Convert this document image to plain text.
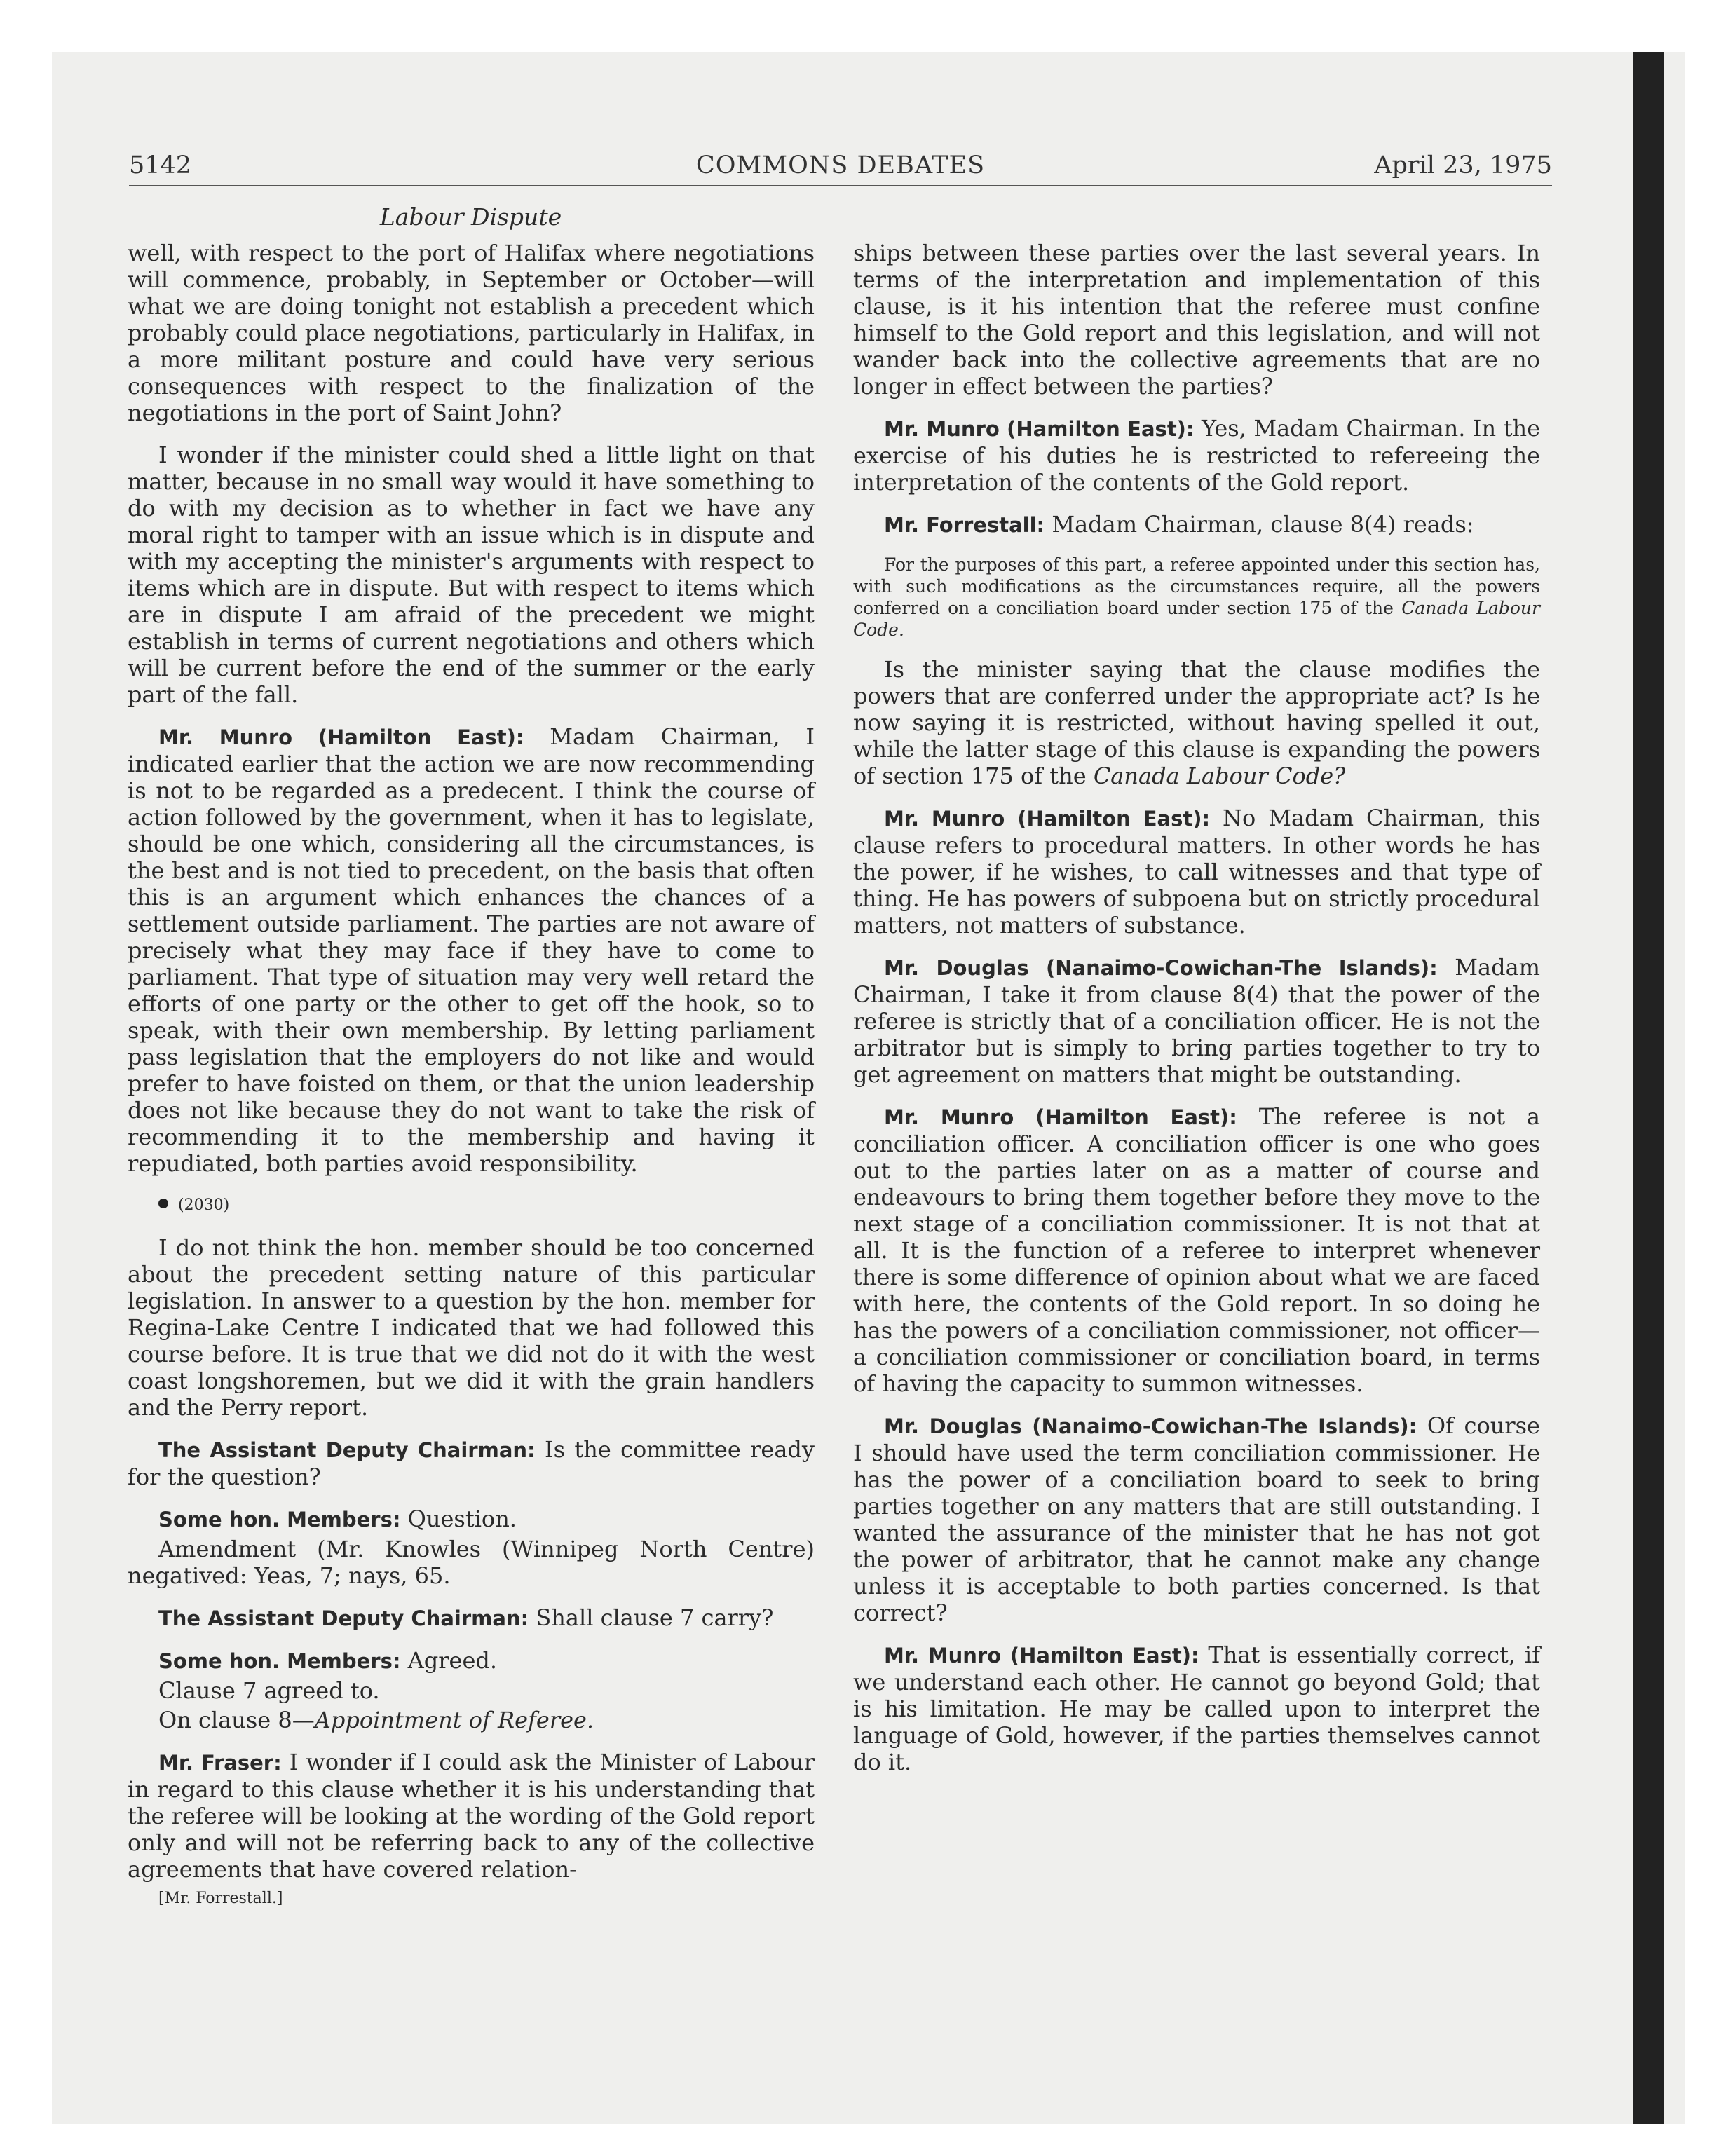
5142	COMMONS DEBATES	April 23, 1975
Labour Dispute

well, with respect to the port of Halifax where negotiations will commence, probably, in September or October—will what we are doing tonight not establish a precedent which probably could place negotiations, particularly in Halifax, in a more militant posture and could have very serious consequences with respect to the finalization of the negotiations in the port of Saint John?

I wonder if the minister could shed a little light on that matter, because in no small way would it have something to do with my decision as to whether in fact we have any moral right to tamper with an issue which is in dispute and with my accepting the minister's arguments with respect to items which are in dispute. But with respect to items which are in dispute I am afraid of the precedent we might establish in terms of current negotiations and others which will be current before the end of the summer or the early part of the fall.

Mr. Munro (Hamilton East): Madam Chairman, I indicated earlier that the action we are now recommending is not to be regarded as a predecent. I think the course of action followed by the government, when it has to legislate, should be one which, considering all the circumstances, is the best and is not tied to precedent, on the basis that often this is an argument which enhances the chances of a settlement outside parliament. The parties are not aware of precisely what they may face if they have to come to parliament. That type of situation may very well retard the efforts of one party or the other to get off the hook, so to speak, with their own membership. By letting parliament pass legislation that the employers do not like and would prefer to have foisted on them, or that the union leadership does not like because they do not want to take the risk of recommending it to the membership and having it repudiated, both parties avoid responsibility.

(2030)

I do not think the hon. member should be too concerned about the precedent setting nature of this particular legislation. In answer to a question by the hon. member for Regina-Lake Centre I indicated that we had followed this course before. It is true that we did not do it with the west coast longshoremen, but we did it with the grain handlers and the Perry report.

The Assistant Deputy Chairman: Is the committee ready for the question?

Some hon. Members: Question.

Amendment (Mr. Knowles (Winnipeg North Centre) negatived: Yeas, 7; nays, 65.

The Assistant Deputy Chairman: Shall clause 7 carry?

Some hon. Members: Agreed.

Clause 7 agreed to.

On clause 8—Appointment of Referee.

Mr. Fraser: I wonder if I could ask the Minister of Labour in regard to this clause whether it is his understanding that the referee will be looking at the wording of the Gold report only and will not be referring back to any of the collective agreements that have covered relation-

[Mr. Forrestall.]

ships between these parties over the last several years. In terms of the interpretation and implementation of this clause, is it his intention that the referee must confine himself to the Gold report and this legislation, and will not wander back into the collective agreements that are no longer in effect between the parties?

Mr. Munro (Hamilton East): Yes, Madam Chairman. In the exercise of his duties he is restricted to refereeing the interpretation of the contents of the Gold report.

Mr. Forrestall: Madam Chairman, clause 8(4) reads:

For the purposes of this part, a referee appointed under this section has, with such modifications as the circumstances require, all the powers conferred on a conciliation board under section 175 of the Canada Labour Code.

Is the minister saying that the clause modifies the powers that are conferred under the appropriate act? Is he now saying it is restricted, without having spelled it out, while the latter stage of this clause is expanding the powers of section 175 of the Canada Labour Code?

Mr. Munro (Hamilton East): No Madam Chairman, this clause refers to procedural matters. In other words he has the power, if he wishes, to call witnesses and that type of thing. He has powers of subpoena but on strictly procedural matters, not matters of substance.

Mr. Douglas (Nanaimo-Cowichan-The Islands): Madam Chairman, I take it from clause 8(4) that the power of the referee is strictly that of a conciliation officer. He is not the arbitrator but is simply to bring parties together to try to get agreement on matters that might be outstanding.

Mr. Munro (Hamilton East): The referee is not a conciliation officer. A conciliation officer is one who goes out to the parties later on as a matter of course and endeavours to bring them together before they move to the next stage of a conciliation commissioner. It is not that at all. It is the function of a referee to interpret whenever there is some difference of opinion about what we are faced with here, the contents of the Gold report. In so doing he has the powers of a conciliation commissioner, not officer—a conciliation commissioner or conciliation board, in terms of having the capacity to summon witnesses.

Mr. Douglas (Nanaimo-Cowichan-The Islands): Of course I should have used the term conciliation commissioner. He has the power of a conciliation board to seek to bring parties together on any matters that are still outstanding. I wanted the assurance of the minister that he has not got the power of arbitrator, that he cannot make any change unless it is acceptable to both parties concerned. Is that correct?

Mr. Munro (Hamilton East): That is essentially correct, if we understand each other. He cannot go beyond Gold; that is his limitation. He may be called upon to interpret the language of Gold, however, if the parties themselves cannot do it.
